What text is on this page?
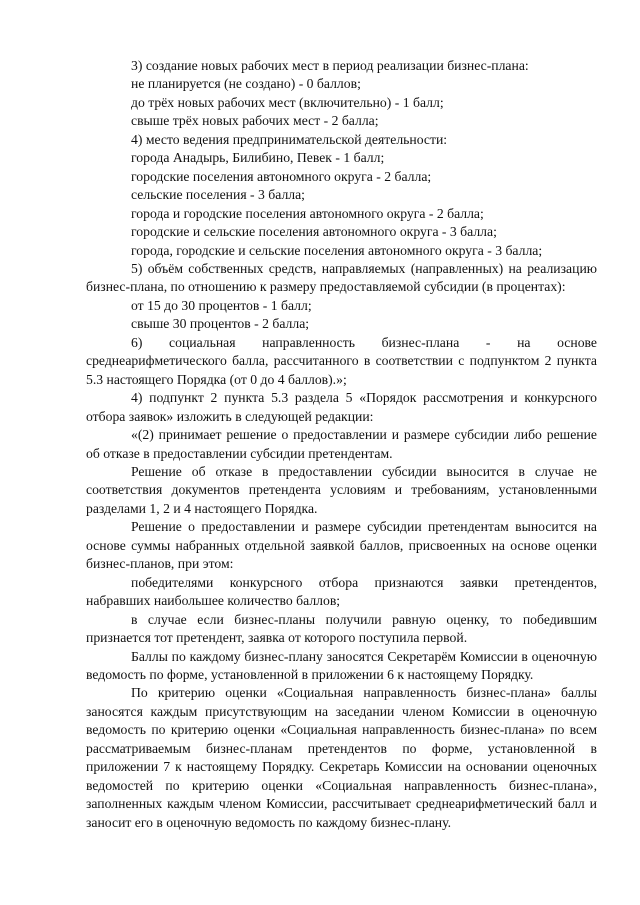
3) создание новых рабочих мест в период реализации бизнес-плана:

не планируется (не создано) - 0 баллов;

до трёх новых рабочих мест (включительно) - 1 балл;

свыше трёх новых рабочих мест - 2 балла;

4) место ведения предпринимательской деятельности:

города Анадырь, Билибино, Певек - 1 балл;

городские поселения автономного округа - 2 балла;

сельские поселения - 3 балла;

города и городские поселения автономного округа - 2 балла;

городские и сельские поселения автономного округа - 3 балла;

города, городские и сельские поселения автономного округа - 3 балла;

5) объём собственных средств, направляемых (направленных) на реализацию бизнес-плана, по отношению к размеру предоставляемой субсидии (в процентах):

от 15 до 30 процентов - 1 балл;

свыше 30 процентов - 2 балла;

6) социальная направленность бизнес-плана - на основе среднеарифметического балла, рассчитанного в соответствии с подпунктом 2 пункта 5.3 настоящего Порядка (от 0 до 4 баллов).»;

4) подпункт 2 пункта 5.3 раздела 5 «Порядок рассмотрения и конкурсного отбора заявок» изложить в следующей редакции:

«(2) принимает решение о предоставлении и размере субсидии либо решение об отказе в предоставлении субсидии претендентам.

Решение об отказе в предоставлении субсидии выносится в случае не соответствия документов претендента условиям и требованиям, установленными разделами 1, 2 и 4 настоящего Порядка.

Решение о предоставлении и размере субсидии претендентам выносится на основе суммы набранных отдельной заявкой баллов, присвоенных на основе оценки бизнес-планов, при этом:

победителями конкурсного отбора признаются заявки претендентов, набравших наибольшее количество баллов;

в случае если бизнес-планы получили равную оценку, то победившим признается тот претендент, заявка от которого поступила первой.

Баллы по каждому бизнес-плану заносятся Секретарём Комиссии в оценочную ведомость по форме, установленной в приложении 6 к настоящему Порядку.

По критерию оценки «Социальная направленность бизнес-плана» баллы заносятся каждым присутствующим на заседании членом Комиссии в оценочную ведомость по критерию оценки «Социальная направленность бизнес-плана» по всем рассматриваемым бизнес-планам претендентов по форме, установленной в приложении 7 к настоящему Порядку. Секретарь Комиссии на основании оценочных ведомостей по критерию оценки «Социальная направленность бизнес-плана», заполненных каждым членом Комиссии, рассчитывает среднеарифметический балл и заносит его в оценочную ведомость по каждому бизнес-плану.
